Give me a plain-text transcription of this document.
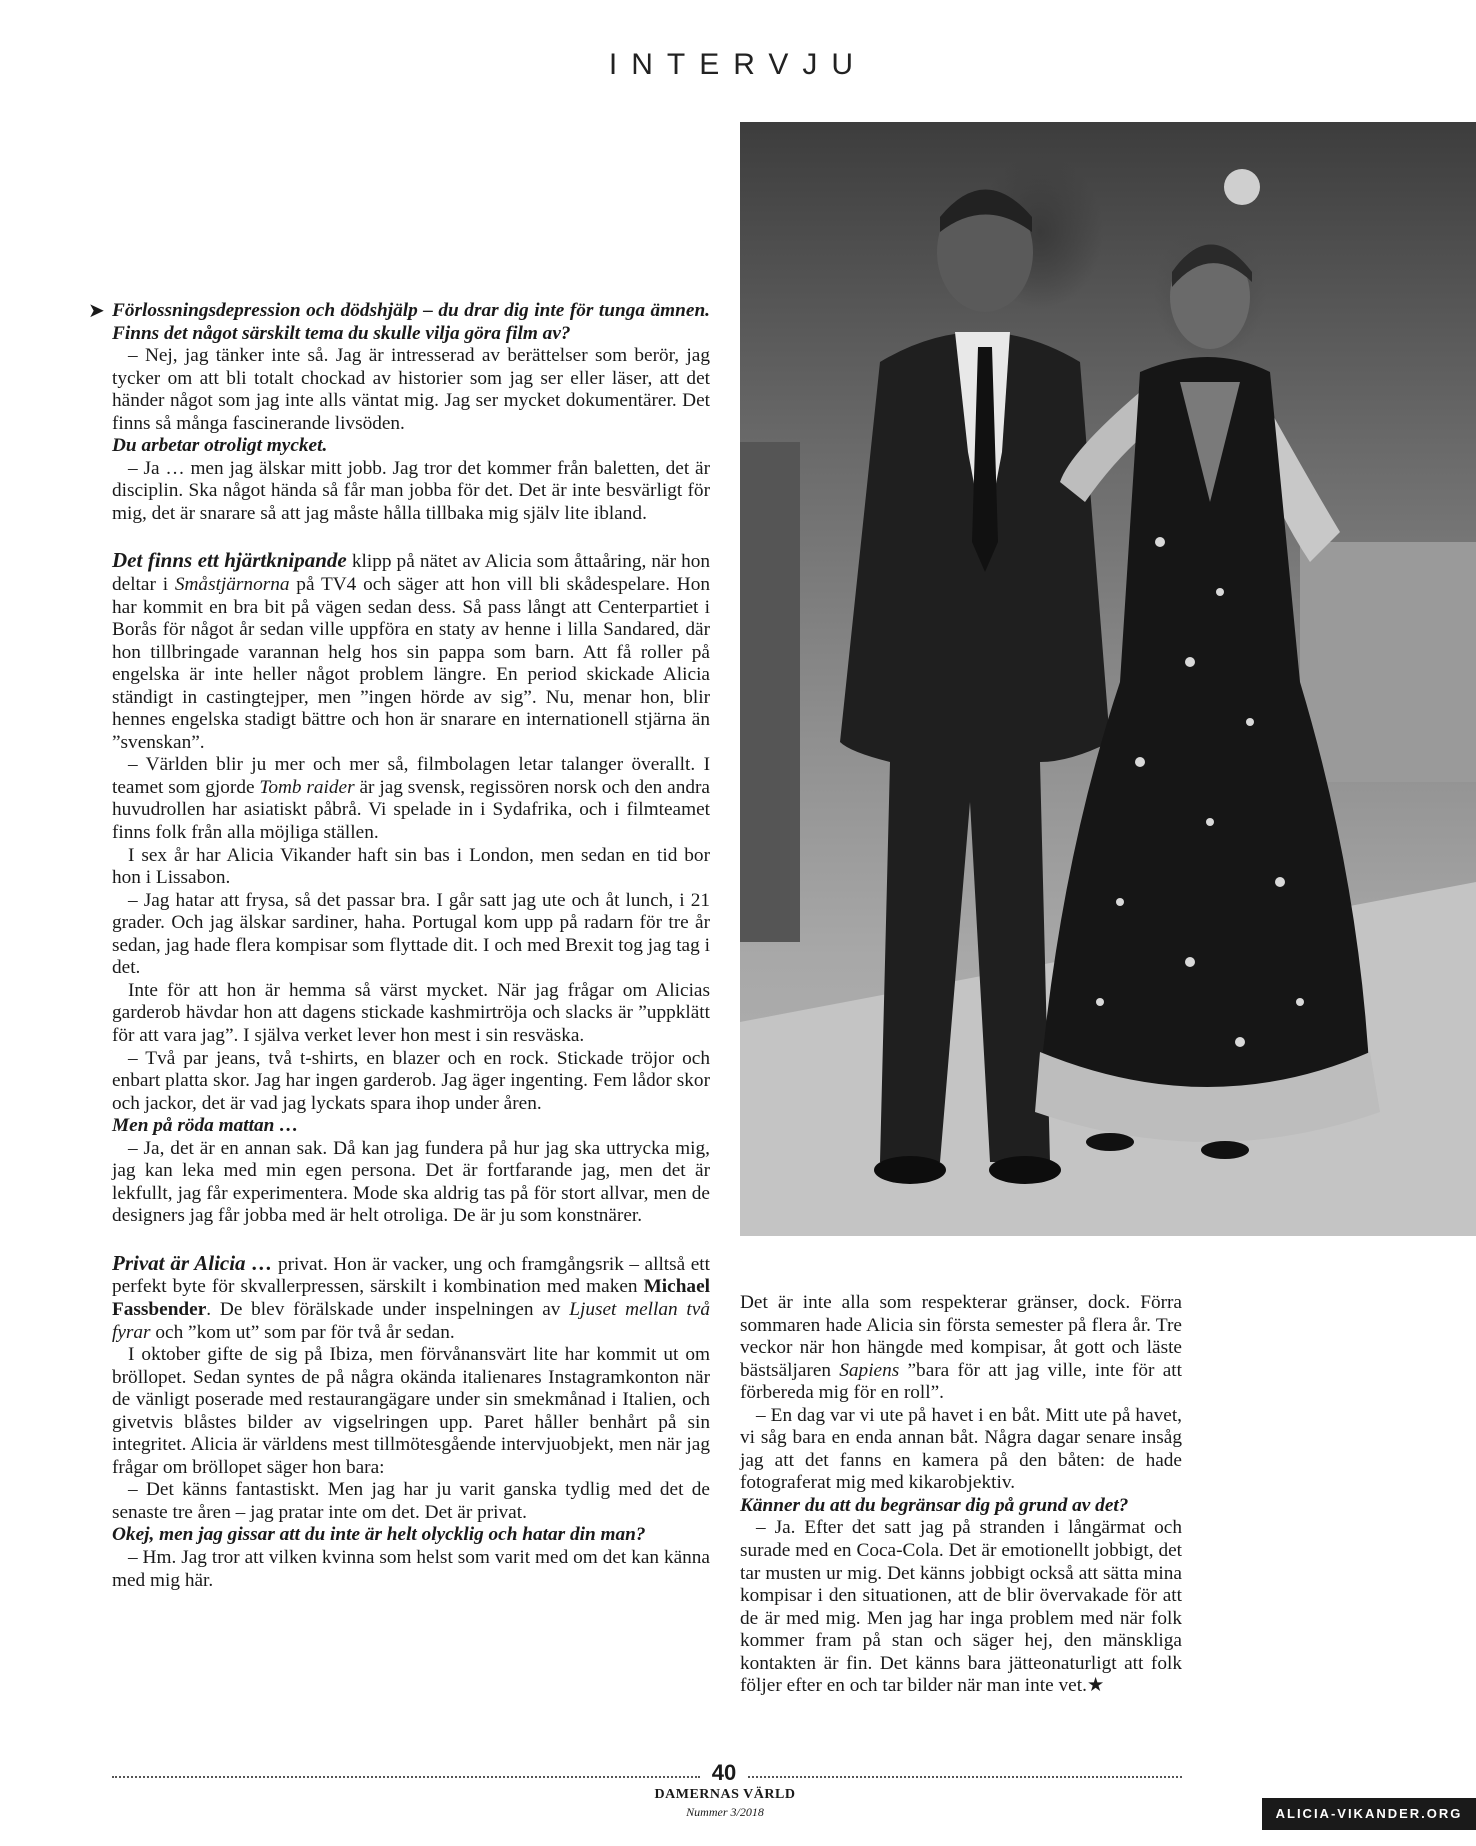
INTERVJU
➤ Förlossningsdepression och dödshjälp – du drar dig inte för tunga ämnen. Finns det något särskilt tema du skulle vilja göra film av?

– Nej, jag tänker inte så. Jag är intresserad av berättelser som berör, jag tycker om att bli totalt chockad av historier som jag ser eller läser, att det händer något som jag inte alls väntat mig. Jag ser mycket dokumentärer. Det finns så många fascinerande livsöden.

Du arbetar otroligt mycket.

– Ja … men jag älskar mitt jobb. Jag tror det kommer från baletten, det är disciplin. Ska något hända så får man jobba för det. Det är inte besvärligt för mig, det är snarare så att jag måste hålla tillbaka mig själv lite ibland.

Det finns ett hjärtknipande klipp på nätet av Alicia som åttaåring, när hon deltar i Småstjärnorna på TV4 och säger att hon vill bli skådespelare. Hon har kommit en bra bit på vägen sedan dess. Så pass långt att Centerpartiet i Borås för något år sedan ville uppföra en staty av henne i lilla Sandared, där hon tillbringade varannan helg hos sin pappa som barn. Att få roller på engelska är inte heller något problem längre. En period skickade Alicia ständigt in castingtejper, men ”ingen hörde av sig”. Nu, menar hon, blir hennes engelska stadigt bättre och hon är snarare en internationell stjärna än ”svenskan”.

– Världen blir ju mer och mer så, filmbolagen letar talanger överallt. I teamet som gjorde Tomb raider är jag svensk, regissören norsk och den andra huvudrollen har asiatiskt påbrå. Vi spelade in i Sydafrika, och i filmteamet finns folk från alla möjliga ställen.

I sex år har Alicia Vikander haft sin bas i London, men sedan en tid bor hon i Lissabon.

– Jag hatar att frysa, så det passar bra. I går satt jag ute och åt lunch, i 21 grader. Och jag älskar sardiner, haha. Portugal kom upp på radarn för tre år sedan, jag hade flera kompisar som flyttade dit. I och med Brexit tog jag tag i det.

Inte för att hon är hemma så värst mycket. När jag frågar om Alicias garderob hävdar hon att dagens stickade kashmirtröja och slacks är ”uppklätt för att vara jag”. I själva verket lever hon mest i sin resväska.

– Två par jeans, två t-shirts, en blazer och en rock. Stickade tröjor och enbart platta skor. Jag har ingen garderob. Jag äger ingenting. Fem lådor skor och jackor, det är vad jag lyckats spara ihop under åren.

Men på röda mattan …

– Ja, det är en annan sak. Då kan jag fundera på hur jag ska uttrycka mig, jag kan leka med min egen persona. Det är fortfarande jag, men det är lekfullt, jag får experimentera. Mode ska aldrig tas på för stort allvar, men de designers jag får jobba med är helt otroliga. De är ju som konstnärer.

Privat är Alicia … privat. Hon är vacker, ung och framgångsrik – alltså ett perfekt byte för skvallerpressen, särskilt i kombination med maken Michael Fassbender. De blev förälskade under inspelningen av Ljuset mellan två fyrar och ”kom ut” som par för två år sedan.

I oktober gifte de sig på Ibiza, men förvånansvärt lite har kommit ut om bröllopet. Sedan syntes de på några okända italienares Instagramkonton när de vänligt poserade med restaurangägare under sin smekmånad i Italien, och givetvis blåstes bilder av vigselringen upp. Paret håller benhårt på sin integritet. Alicia är världens mest tillmötesgående intervjuobjekt, men när jag frågar om bröllopet säger hon bara:

– Det känns fantastiskt. Men jag har ju varit ganska tydlig med det de senaste tre åren – jag pratar inte om det. Det är privat.

Okej, men jag gissar att du inte är helt olycklig och hatar din man?

– Hm. Jag tror att vilken kvinna som helst som varit med om det kan känna med mig här.

Det är inte alla som respekterar gränser, dock. Förra sommaren hade Alicia sin första semester på flera år. Tre veckor när hon hängde med kompisar, åt gott och läste bästsäljaren Sapiens ”bara för att jag ville, inte för att förbereda mig för en roll”.

– En dag var vi ute på havet i en båt. Mitt ute på havet, vi såg bara en enda annan båt. Några dagar senare insåg jag att det fanns en kamera på den båten: de hade fotograferat mig med kikarobjektiv.

Känner du att du begränsar dig på grund av det?

– Ja. Efter det satt jag på stranden i långärmat och surade med en Coca-Cola. Det är emotionellt jobbigt, det tar musten ur mig. Det känns jobbigt också att sätta mina kompisar i den situationen, att de blir övervakade för att de är med mig. Men jag har inga problem med när folk kommer fram på stan och säger hej, den mänskliga kontakten är fin. Det känns bara jätteonaturligt att folk följer efter en och tar bilder när man inte vet.★

40
DAMERNAS VÄRLD
Nummer 3/2018	ALICIA-VIKANDER.ORG
